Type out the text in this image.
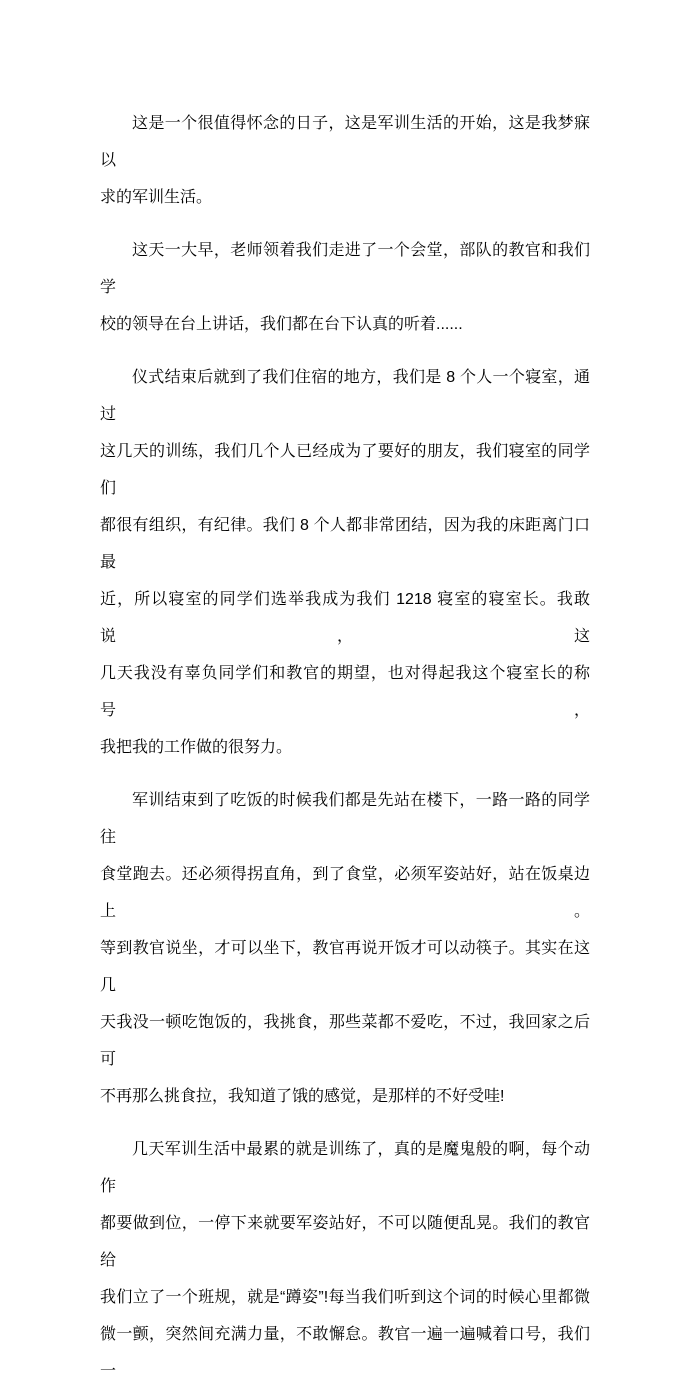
这是一个很值得怀念的日子，这是军训生活的开始，这是我梦寐以
求的军训生活。
这天一大早，老师领着我们走进了一个会堂，部队的教官和我们学
校的领导在台上讲话，我们都在台下认真的听着......
仪式结束后就到了我们住宿的地方，我们是 8 个人一个寝室，通过
这几天的训练，我们几个人已经成为了要好的朋友，我们寝室的同学们
都很有组织，有纪律。我们 8 个人都非常团结，因为我的床距离门口最
近，所以寝室的同学们选举我成为我们 1218 寝室的寝室长。我敢说，这
几天我没有辜负同学们和教官的期望，也对得起我这个寝室长的称号，
我把我的工作做的很努力。
军训结束到了吃饭的时候我们都是先站在楼下，一路一路的同学往
食堂跑去。还必须得拐直角，到了食堂，必须军姿站好，站在饭桌边上。
等到教官说坐，才可以坐下，教官再说开饭才可以动筷子。其实在这几
天我没一顿吃饱饭的，我挑食，那些菜都不爱吃，不过，我回家之后可
不再那么挑食拉，我知道了饿的感觉，是那样的不好受哇!
几天军训生活中最累的就是训练了，真的是魔鬼般的啊，每个动作
都要做到位，一停下来就要军姿站好，不可以随便乱晃。我们的教官给
我们立了一个班规，就是“蹲姿”!每当我们听到这个词的时候心里都微
微一颤，突然间充满力量，不敢懈怠。教官一遍一遍喊着口号，我们一
